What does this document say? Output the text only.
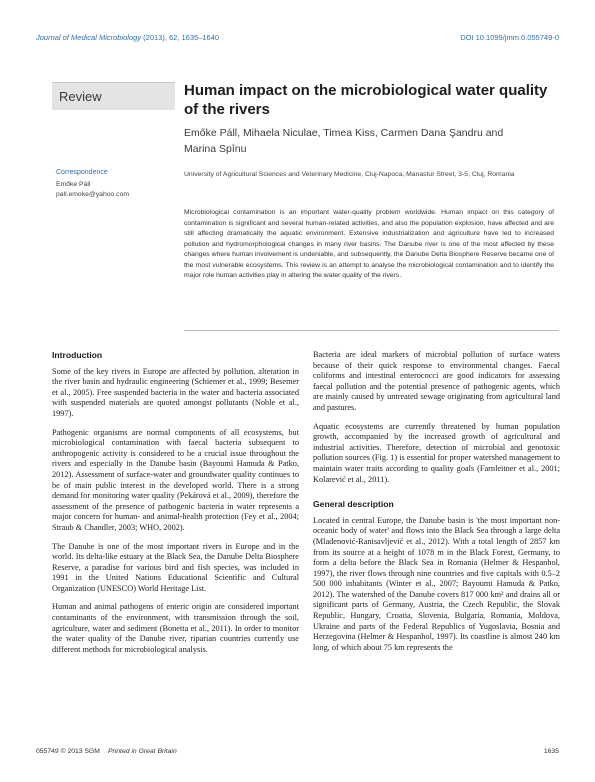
Journal of Medical Microbiology (2013), 62, 1635–1640	DOI 10.1099/jmm.0.055749-0
Review	Human impact on the microbiological water quality of the rivers
Emőke Páll, Mihaela Niculae, Timea Kiss, Carmen Dana Şandru and Marina Spînu
Correspondence
Emőke Páll
pall.emoke@yahoo.com
University of Agricultural Sciences and Veterinary Medicine, Cluj-Napoca, Manastur Street, 3-5, Cluj, Romania
Microbiological contamination is an important water-quality problem worldwide. Human impact on this category of contamination is significant and several human-related activities, and also the population explosion, have affected and are still affecting dramatically the aquatic environment. Extensive industrialization and agriculture have led to increased pollution and hydromorphological changes in many river basins. The Danube river is one of the most affected by these changes where human involvement is undeniable, and subsequently, the Danube Delta Biosphere Reserve became one of the most vulnerable ecosystems. This review is an attempt to analyse the microbiological contamination and to identify the major role human activities play in altering the water quality of the rivers.
Introduction

Some of the key rivers in Europe are affected by pollution, alteration in the river basin and hydraulic engineering (Schiemer et al., 1999; Besemer et al., 2005). Free suspended bacteria in the water and bacteria associated with suspended materials are quoted amongst pollutants (Noble et al., 1997).

Pathogenic organisms are normal components of all ecosystems, but microbiological contamination with faecal bacteria subsequent to anthropogenic activity is considered to be a crucial issue throughout the rivers and especially in the Danube basin (Bayoumi Hamuda & Patko, 2012). Assessment of surface-water and groundwater quality continues to be of main public interest in the developed world. There is a strong demand for monitoring water quality (Pekárová et al., 2009), therefore the assessment of the presence of pathogenic bacteria in water represents a major concern for human- and animal-health protection (Fey et al., 2004; Straub & Chandler, 2003; WHO, 2002).

The Danube is one of the most important rivers in Europe and in the world. Its delta-like estuary at the Black Sea, the Danube Delta Biosphere Reserve, a paradise for various bird and fish species, was included in 1991 in the United Nations Educational Scientific and Cultural Organization (UNESCO) World Heritage List.

Human and animal pathogens of enteric origin are considered important contaminants of the environment, with transmission through the soil, agriculture, water and sediment (Bonetta et al., 2011). In order to monitor the water quality of the Danube river, riparian countries currently use different methods for microbiological analysis.

Bacteria are ideal markers of microbial pollution of surface waters because of their quick response to environmental changes. Faecal coliforms and intestinal enterococci are good indicators for assessing faecal pollution and the potential presence of pathogenic agents, which are mainly caused by untreated sewage originating from agricultural land and pastures.

Aquatic ecosystems are currently threatened by human population growth, accompanied by the increased growth of agricultural and industrial activities. Therefore, detection of microbial and genotoxic pollution sources (Fig. 1) is essential for proper watershed management to maintain water traits according to quality goals (Farnleitner et al., 2001; Kolarević et al., 2011).

General description

Located in central Europe, the Danube basin is 'the most important non-oceanic body of water' and flows into the Black Sea through a large delta (Mladenović-Ranisavljević et al., 2012). With a total length of 2857 km from its source at a height of 1078 m in the Black Forest, Germany, to form a delta before the Black Sea in Romania (Helmer & Hespanhol, 1997), the river flows through nine countries and five capitals with 0.5–2 500 000 inhabitants (Winter et al., 2007; Bayoumi Hamuda & Patko, 2012). The watershed of the Danube covers 817 000 km² and drains all or significant parts of Germany, Austria, the Czech Republic, the Slovak Republic, Hungary, Croatia, Slovenia, Bulgaria, Romania, Moldova, Ukraine and parts of the Federal Republics of Yugoslavia, Bosnia and Herzegovina (Helmer & Hespanhol, 1997). Its coastline is almost 240 km long, of which about 75 km represents the

055749 © 2013 SGM Printed in Great Britain	1635
